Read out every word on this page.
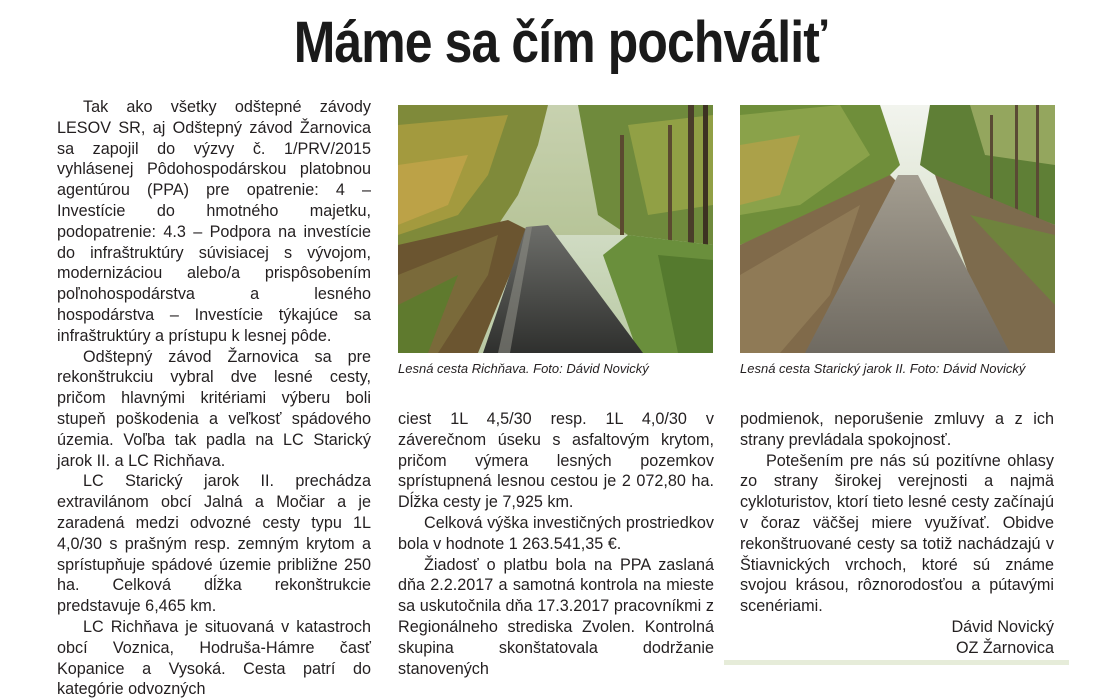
Máme sa čím pochváliť

Tak ako všetky odštepné závody LESOV SR, aj Odštepný závod Žarnovica sa zapojil do výzvy č. 1/PRV/2015 vyhlásenej Pôdohospodárskou platobnou agentúrou (PPA) pre opatrenie: 4 – Investície do hmotného majetku, podopatrenie: 4.3 – Podpora na investície do infraštruktúry súvisiacej s vývojom, modernizáciou alebo/a prispôsobením poľnohospodárstva a lesného hospodárstva – Investície týkajúce sa infraštruktúry a prístupu k lesnej pôde.

Odštepný závod Žarnovica sa pre rekonštrukciu vybral dve lesné cesty, pričom hlavnými kritériami výberu boli stupeň poškodenia a veľkosť spádového územia. Voľba tak padla na LC Starický jarok II. a LC Richňava.

LC Starický jarok II. prechádza extravilánom obcí Jalná a Močiar a je zaradená medzi odvozné cesty typu 1L 4,0/30 s prašným resp. zemným krytom a sprístupňuje spádové územie približne 250 ha. Celková dĺžka rekonštrukcie predstavuje 6,465 km.

LC Richňava je situovaná v katastroch obcí Voznica, Hodruša-Hámre časť Kopanice a Vysoká. Cesta patrí do kategórie odvozných

Lesná cesta Richňava. Foto: Dávid Novický	Lesná cesta Starický jarok II. Foto: Dávid Novický

ciest 1L 4,5/30 resp. 1L 4,0/30 v záverečnom úseku s asfaltovým krytom, pričom výmera lesných pozemkov sprístupnená lesnou cestou je 2 072,80 ha. Dĺžka cesty je 7,925 km.

Celková výška investičných prostriedkov bola v hodnote 1 263.541,35 €.

Žiadosť o platbu bola na PPA zaslaná dňa 2.2.2017 a samotná kontrola na mieste sa uskutočnila dňa 17.3.2017 pracovníkmi z Regionálneho strediska Zvolen. Kontrolná skupina skonštatovala dodržanie stanovených

podmienok, neporušenie zmluvy a z ich strany prevládala spokojnosť.

Potešením pre nás sú pozitívne ohlasy zo strany širokej verejnosti a najmä cykloturistov, ktorí tieto lesné cesty začínajú v čoraz väčšej miere využívať. Obidve rekonštruované cesty sa totiž nachádzajú v Štiavnických vrchoch, ktoré sú známe svojou krásou, rôznorodosťou a pútavými scenériami.

Dávid Novický

OZ Žarnovica
